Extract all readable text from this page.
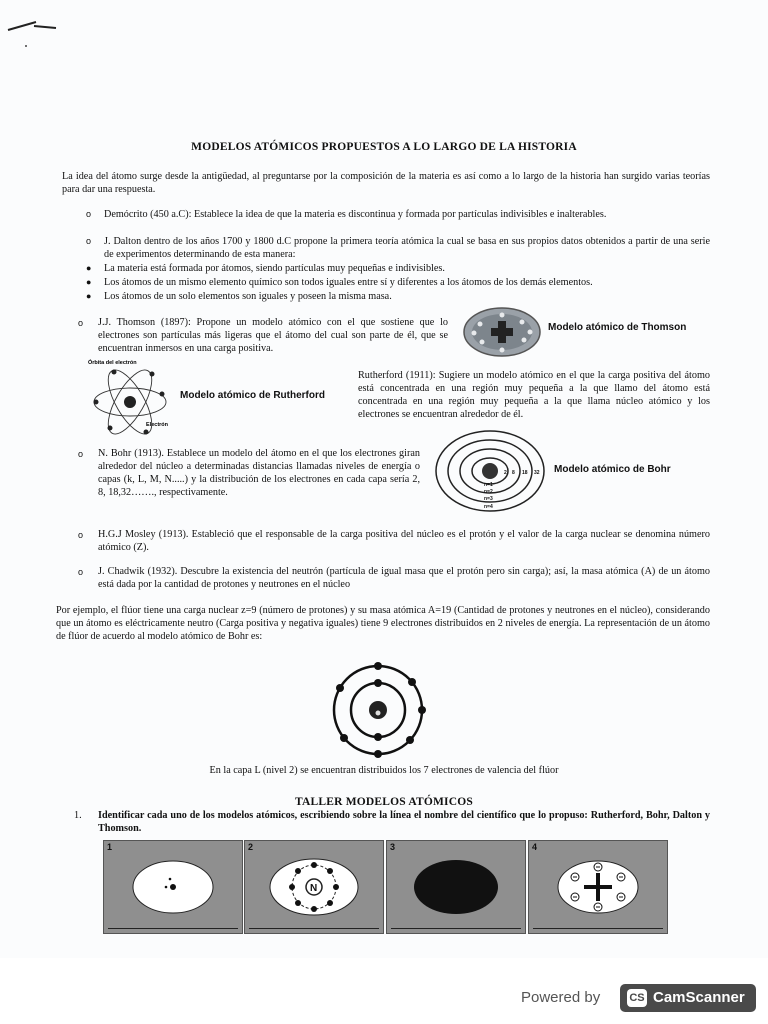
MODELOS ATÓMICOS PROPUESTOS A LO LARGO DE LA HISTORIA
La idea del átomo surge desde la antigüedad, al preguntarse por la composición de la materia es así como a lo largo de la historia han surgido varias teorías para dar una respuesta.
o Demócrito (450 a.C): Establece la idea de que la materia es discontinua y formada por partículas indivisibles e inalterables.
o J. Dalton dentro de los años 1700 y 1800 d.C propone la primera teoría atómica la cual se basa en sus propios datos obtenidos a partir de una serie de experimentos determinando de esta manera:
● La materia está formada por átomos, siendo partículas muy pequeñas e indivisibles.
● Los átomos de un mismo elemento químico son todos iguales entre sí y diferentes a los átomos de los demás elementos.
● Los átomos de un solo elementos son iguales y poseen la misma masa.
o J.J. Thomson (1897): Propone un modelo atómico con el que sostiene que lo electrones son partículas más ligeras que el átomo del cual son parte de él, que se encuentran inmersos en una carga positiva.
Modelo atómico de Thomson
Órbita del electrón
Electrón
Modelo atómico de Rutherford
Rutherford (1911): Sugiere un modelo atómico en el que la carga positiva del átomo está concentrada en una región muy pequeña a la que llamo del átomo está concentrada en una región muy pequeña a la que llama núcleo atómico y los electrones se encuentran alrededor de él.
o N. Bohr (1913). Establece un modelo del átomo en el que los electrones giran alrededor del núcleo a determinadas distancias llamadas niveles de energía o capas (k, L, M, N.....) y la distribución de los electrones en cada capa sería 2, 8, 18,32……., respectivamente.
2 8 18 32
n=1
n=2
n=3
n=4
Modelo atómico de Bohr
o H.G.J Mosley (1913). Estableció que el responsable de la carga positiva del núcleo es el protón y el valor de la carga nuclear se denomina número atómico (Z).
o J. Chadwik (1932). Descubre la existencia del neutrón (partícula de igual masa que el protón pero sin carga); así, la masa atómica (A) de un átomo está dada por la cantidad de protones y neutrones en el núcleo
Por ejemplo, el flúor tiene una carga nuclear z=9 (número de protones) y su masa atómica A=19 (Cantidad de protones y neutrones en el núcleo), considerando que un átomo es eléctricamente neutro (Carga positiva y negativa iguales) tiene 9 electrones distribuidos en 2 niveles de energía. La representación de un átomo de flúor de acuerdo al modelo atómico de Bohr es:
En la capa L (nivel 2) se encuentran distribuidos los 7 electrones de valencia del flúor
TALLER MODELOS ATÓMICOS
1. Identificar cada uno de los modelos atómicos, escribiendo sobre la línea el nombre del científico que lo propuso: Rutherford, Bohr, Dalton y Thomson.
1	2
N
3	4
Powered by	CS CamScanner
